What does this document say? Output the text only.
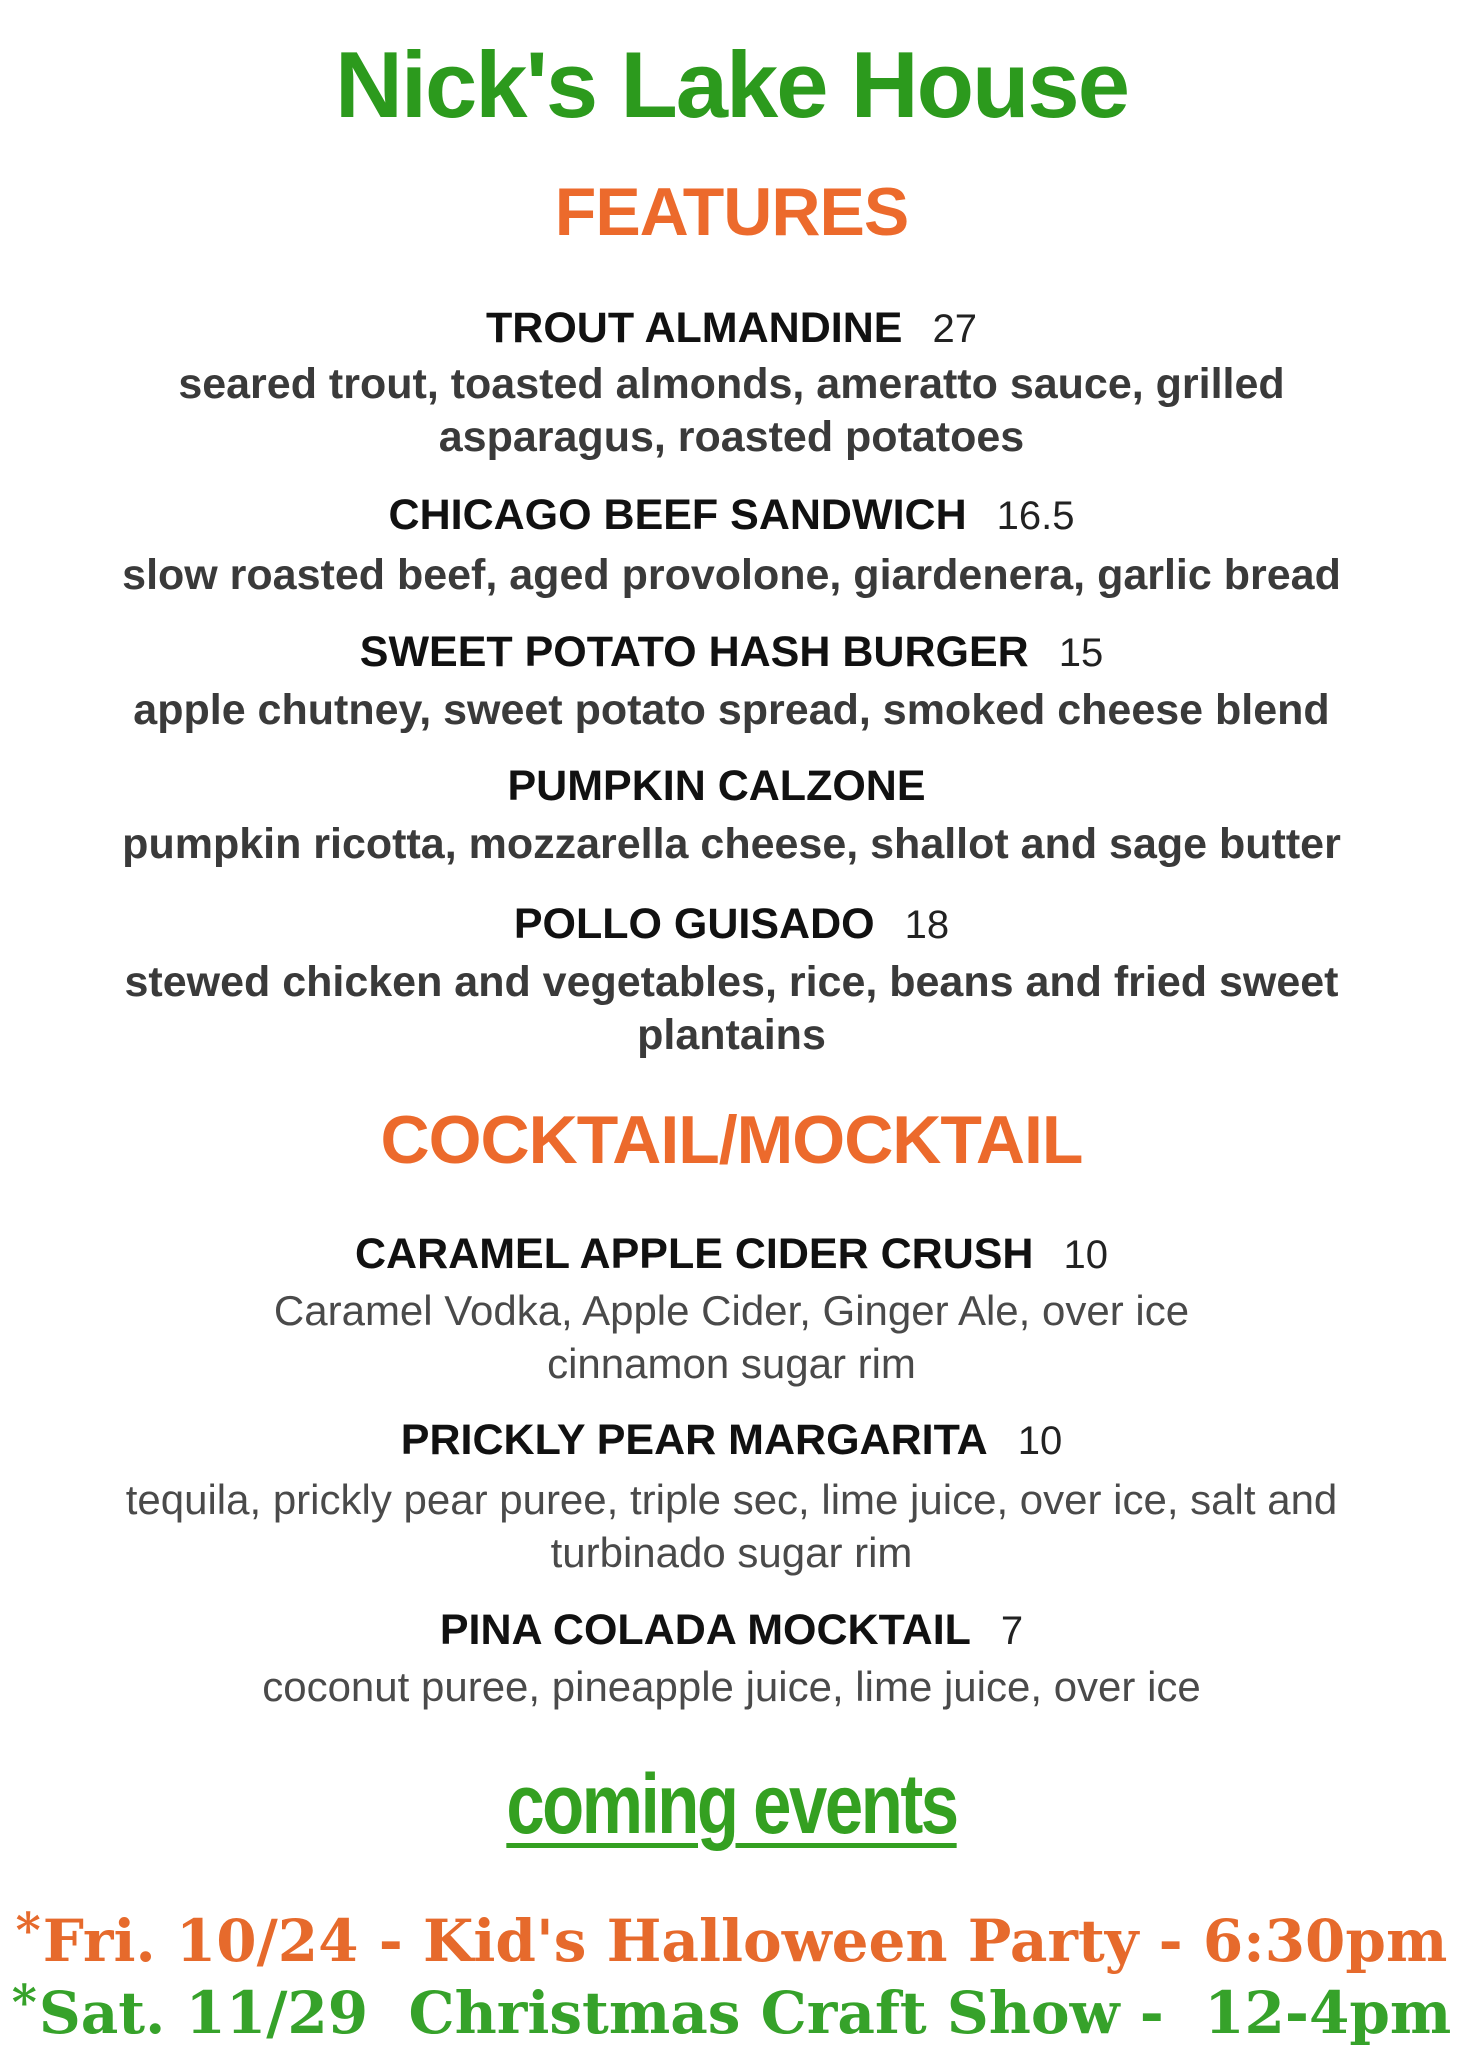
Nick's Lake House
FEATURES
TROUT ALMANDINE 27
seared trout, toasted almonds, ameratto sauce, grilled
asparagus, roasted potatoes
CHICAGO BEEF SANDWICH 16.5
slow roasted beef, aged provolone, giardenera, garlic bread
SWEET POTATO HASH BURGER 15
apple chutney, sweet potato spread, smoked cheese blend
PUMPKIN CALZONE
pumpkin ricotta, mozzarella cheese, shallot and sage butter
POLLO GUISADO 18
stewed chicken and vegetables, rice, beans and fried sweet
plantains
COCKTAIL/MOCKTAIL
CARAMEL APPLE CIDER CRUSH 10
Caramel Vodka, Apple Cider, Ginger Ale, over ice
cinnamon sugar rim
PRICKLY PEAR MARGARITA 10
tequila, prickly pear puree, triple sec, lime juice, over ice, salt and
turbinado sugar rim
PINA COLADA MOCKTAIL 7
coconut puree, pineapple juice, lime juice, over ice
coming events
*Fri. 10/24 - Kid's Halloween Party - 6:30pm
*Sat. 11/29  Christmas Craft Show -  12-4pm
